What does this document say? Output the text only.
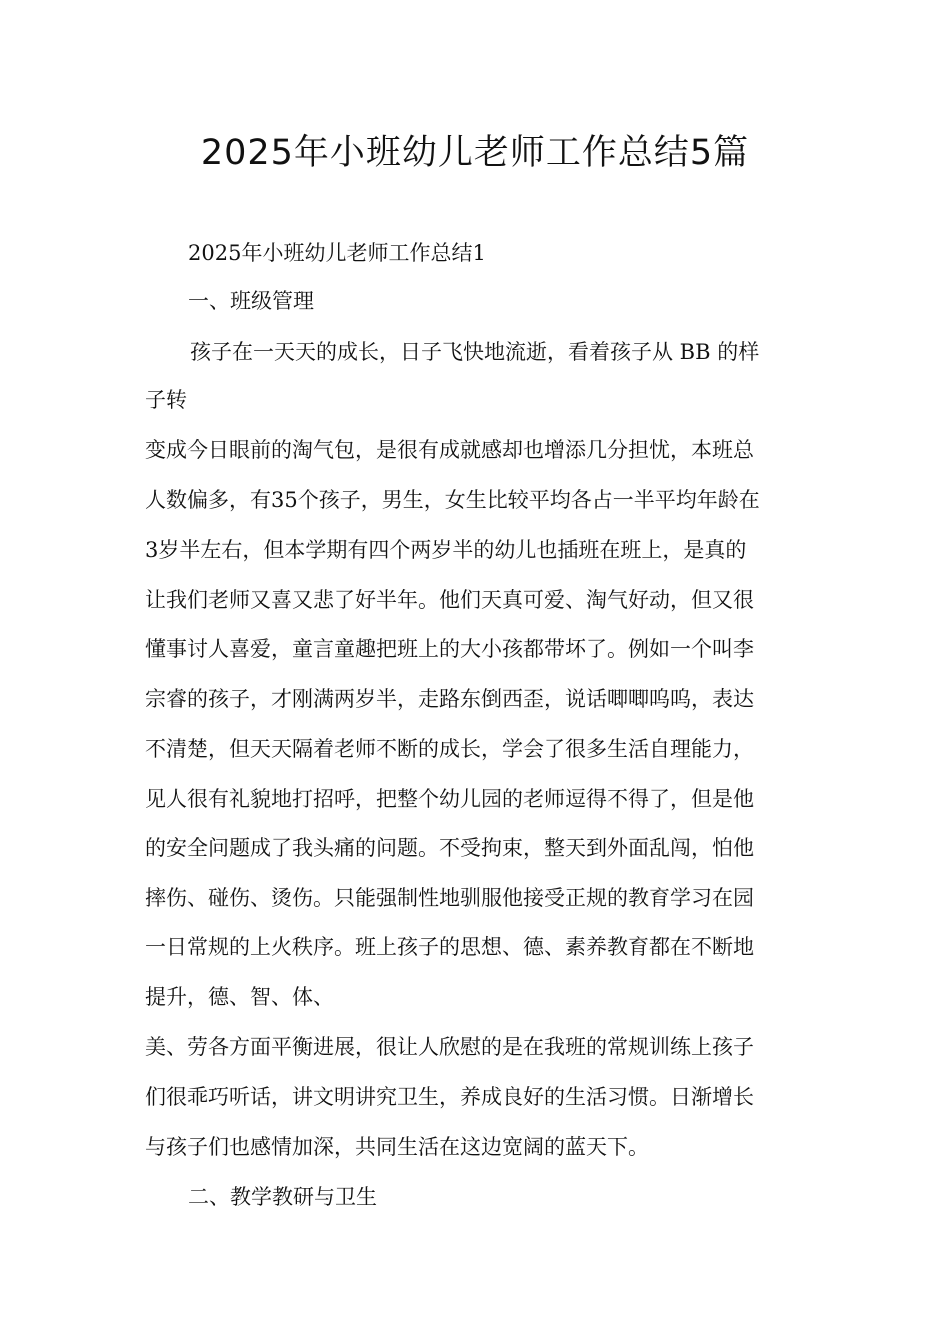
2025年小班幼儿老师工作总结5篇

2025年小班幼儿老师工作总结1

一、班级管理

孩子在一天天的成长，日子飞快地流逝，看着孩子从 BB 的样

子转

变成今日眼前的淘气包，是很有成就感却也增添几分担忧，本班总

人数偏多，有35个孩子，男生，女生比较平均各占一半平均年龄在

3岁半左右，但本学期有四个两岁半的幼儿也插班在班上，是真的

让我们老师又喜又悲了好半年。他们天真可爱、淘气好动，但又很

懂事讨人喜爱，童言童趣把班上的大小孩都带坏了。例如一个叫李

宗睿的孩子，才刚满两岁半，走路东倒西歪，说话唧唧呜呜，表达

不清楚，但天天隔着老师不断的成长，学会了很多生活自理能力，

见人很有礼貌地打招呼，把整个幼儿园的老师逗得不得了，但是他

的安全问题成了我头痛的问题。不受拘束，整天到外面乱闯，怕他

摔伤、碰伤、烫伤。只能强制性地驯服他接受正规的教育学习在园

一日常规的上火秩序。班上孩子的思想、德、素养教育都在不断地

提升，德、智、体、

美、劳各方面平衡进展，很让人欣慰的是在我班的常规训练上孩子

们很乖巧听话，讲文明讲究卫生，养成良好的生活习惯。日渐增长

与孩子们也感情加深，共同生活在这边宽阔的蓝天下。

二、教学教研与卫生
